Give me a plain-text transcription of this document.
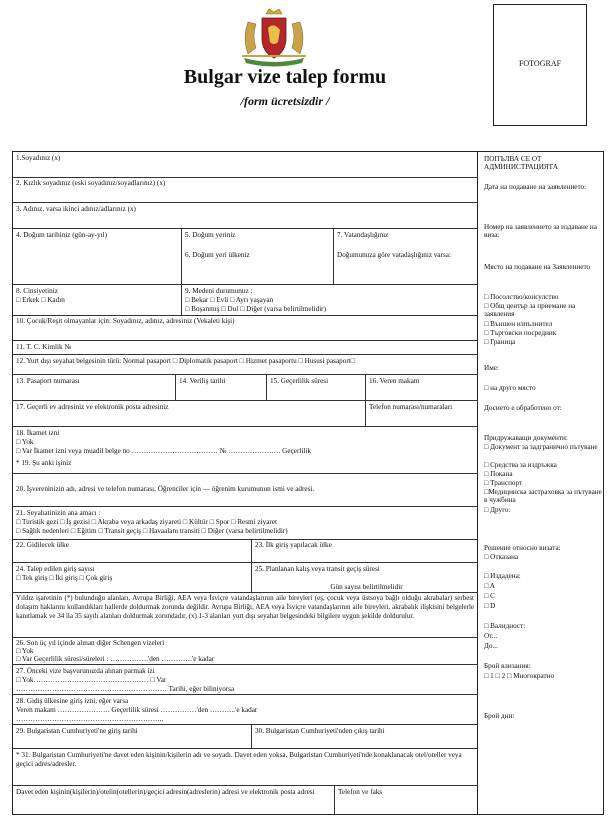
FOTOGRAF
Bulgar vize talep formu
/form ücretsizdir /
1.Soyadınız (x)
2. Kızlık soyadınız (eski soyadınız/soyadlarınız) (x)
3. Adınız, varsa ikinci adınız/adlarınız (x)
4. Doğum tarihiniz (gün-ay-yıl)	5. Doğum yeriniz
6. Doğum yeri ülkeniz
7. Vatandaşlığınız
Doğumunuza göre vatadaşlığınız varsa:
8. Cinsiyetiniz
□ Erkek □ Kadın
9. Medeni durumunuz :
□ Bekar □ Evli □ Ayrı yaşayan
□ Boşanmış □ Dul □ Diğer (varsa belirtilmelidir)
10. Çocuk/Reşit olmayanlar için: Soyadınız, adınız, adresiniz (Vekaleti kişi)
11. T. C. Kimlik №
12. Yurt dışı seyahat belgesinin türü: Normal pasaport □ Diplomatik pasaport □ Hizmet pasaportu □ Hususi pasaport□
13. Pasaport numarası	14. Veriliş tarihi	15. Geçerlilik süresi	16. Veren makam
17. Geçerli ev adresiniz ve elektronik posta adresiniz	Telefon numarası/numaraları
18. İkamet izni
□ Yok
□ Var İkamet izni veya muadil belge no ……………………………… № …………………. Geçerlilik
* 19. Şu anki işiniz
20. İşvereninizin adı, adresi ve telefon numarası. Öğrenciler için — öğrenim kurumunun ismi ve adresi.
21. Seyahatinizin ana amacı :
□ Turistik gezi □ İş gezisi □ Akraba veya arkadaş ziyareti □ Kültür □ Spor □ Resmi ziyaret
□ Sağlık nedenleri □ Eğitim □ Transit geçiş □ Havaalanı transiti □ Diğer (varsa belirtilmelidir)
22. Gidilecek ülke	23. İlk giriş yapılacak ülke
24. Talep edilen giriş sayısı
□ Tek giriş □ İki giriş □ Çok giriş
25. Planlanan kalış veya transit geçiş süresi
Gün sayısı belirtilmelidir
Yıldız işaretinin (*) bulunduğu alanları, Avrupa Birliği, AEA veya İsviçre vatandaşlarının aile bireyleri (eş, çocuk veya üstsoya bağlı olduğu akrabalar) serbest dolaşım haklarını kullandıkları hallerde doldurmak zorunda değildir. Avrupa Birliği, AEA veya İsviçre vatandaşlarının aile bireyleri, akrabalık ilişkisini belgelerle kanıtlamak ve 34 ila 35 sayılı alanları doldurmak zorundadır, (x) 1-3 alanları yurt dışı seyahat belgesindeki bilgilere uygun şekilde doldurulur.
26. Son üç yıl içinde alınan diğer Schengen vizeleri
□ Yok
□ Var Geçerlilik süresi/süreleri : …………….'den ………….'e kadar
27. Önceki vize başvurunuzda alınan parmak izi
□ Yok………………………………………… □ Var
……………………………………………………… Tarihi, eğer biliniyorsa
28. Gidiş ülkesine giriş izni, eğer varsa
Veren makam …………………. Geçerlilik süresi ……………'den ………..'e kadar
……………………………………………………..
29. Bulgaristan Cumhuriyeti'ne giriş tarihi	30. Bulgaristan Cumhuriyeti'nden çıkış tarihi
* 31. Bulgaristan Cumhuriyeti'ne davet eden kişinin/kişilerin adı ve soyadı. Davet eden yoksa, Bulgaristan Cumhuriyeti'nde konaklanacak otel/oteller veya geçici adres/adresler.
Davet eden kişinin(kişilerin)/otelin(otellerin)/geçici adresin(adreslerin) adresi ve elektronik posta adresi	Telefon ve faks
ПОПЪЛВА СЕ ОТ АДМИНИСТРАЦИЯТА
Дата на подаване на заявлението:
Номер на заявлението за издаване на виза:
Място на подаване на Заявлението
□ Посолство/консулство
□ Общ център за приемане на заявления
□ Външен изпълнител
□ Търговски посредник
□ Граница
Име:
□ на друго място
Досието е обработено от:
Придружаващи документи:
□ Документ за задграничнo пътуване
□ Средства за издръжка
□ Покана
□ Транспорт
□Медицинска застраховка за пътуване в чужбина
□ Друго:
Решение относно визата:
□ Отказана
□ Издадена:
□ A
□ C
□ D
□ Валидност:
От...
До...
Брой влизания:
□ 1 □ 2 □ Многократно
Брой дни:
